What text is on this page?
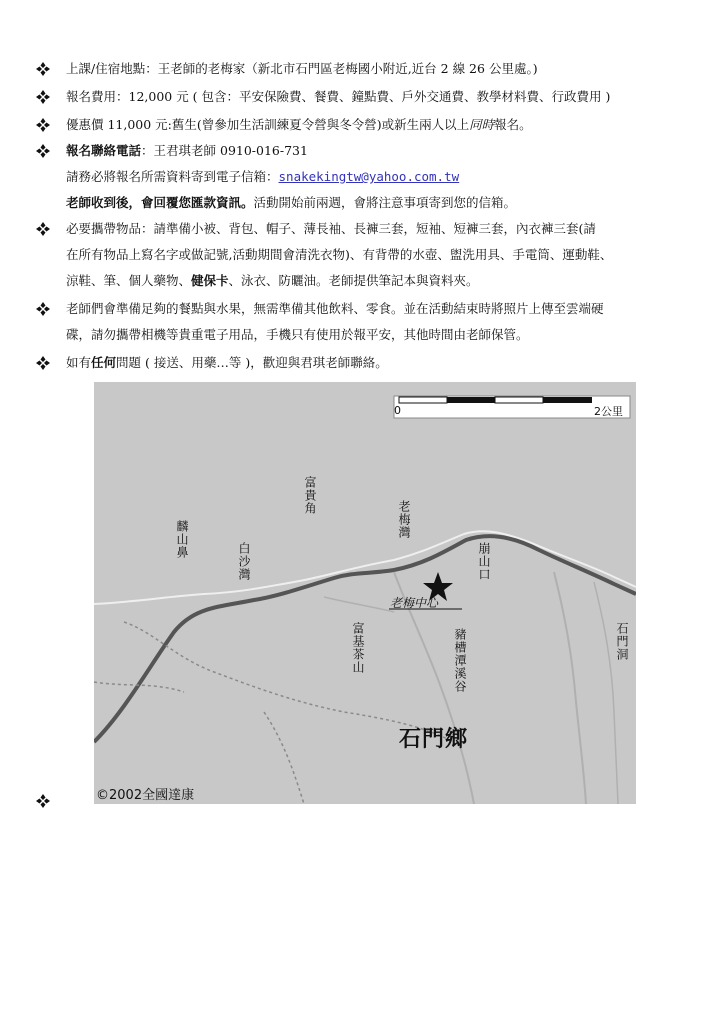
上課/住宿地點：王老師的老梅家（新北市石門區老梅國小附近,近台 2 線 26 公里處。)
報名費用：12,000 元 ( 包含：平安保險費、餐費、鐘點費、戶外交通費、教學材料費、行政費用 )
優惠價 11,000 元:舊生(曾參加生活訓練夏令營與冬令營)或新生兩人以上同時報名。
報名聯絡電話：王君琪老師 0910-016-731
請務必將報名所需資料寄到電子信箱：snakekingtw@yahoo.com.tw
老師收到後，會回覆您匯款資訊。活動開始前兩週，會將注意事項寄到您的信箱。
必要攜帶物品：請準備小被、背包、帽子、薄長袖、長褲三套，短袖、短褲三套，內衣褲三套(請
在所有物品上寫名字或做記號,活動期間會清洗衣物)、有背帶的水壺、盥洗用具、手電筒、運動鞋、
涼鞋、筆、個人藥物、健保卡、泳衣、防曬油。老師提供筆記本與資料夾。
老師們會準備足夠的餐點與水果，無需準備其他飲料、零食。並在活動結束時將照片上傳至雲端硬
碟，請勿攜帶相機等貴重電子用品，手機只有使用於報平安，其他時間由老師保管。
如有任何問題 ( 接送、用藥…等 )，歡迎與君琪老師聯絡。
0	2公里
麟山鼻
白沙灣
富貴角
老梅灣
崩山口
老梅中心
富基茶山	豬槽潭溪谷	石門洞
石門鄉
©2002全國達康
